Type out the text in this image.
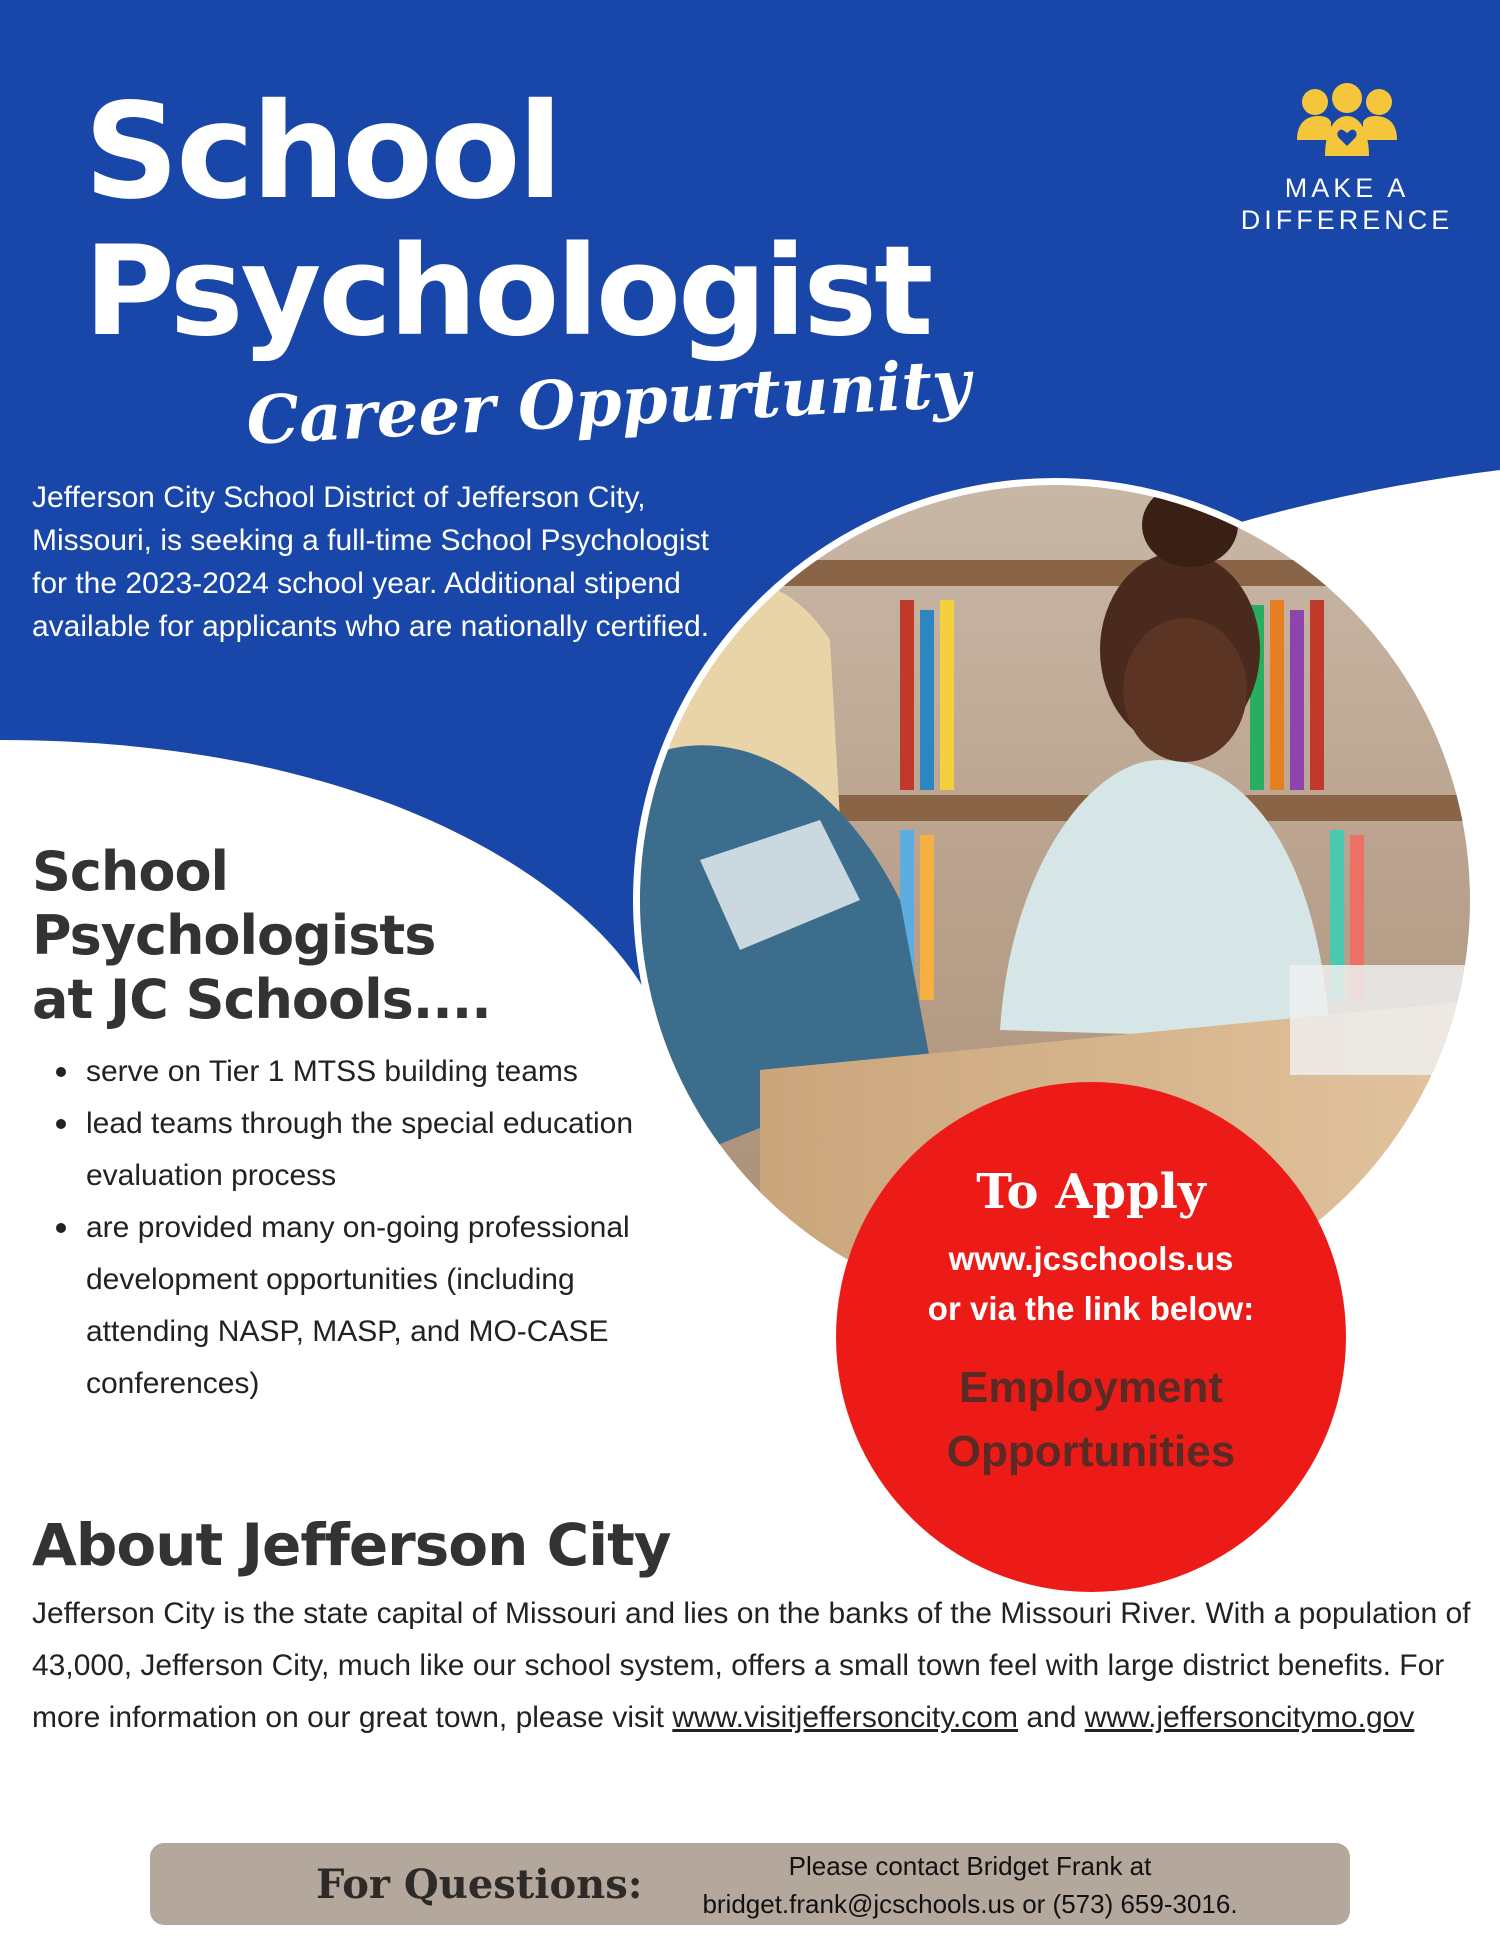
School
Psychologist
Career Oppurtunity
MAKE A
DIFFERENCE

Jefferson City School District of Jefferson City, Missouri, is seeking a full-time School Psychologist for the 2023-2024 school year. Additional stipend available for applicants who are nationally certified.

School
Psychologists
at JC Schools....
serve on Tier 1 MTSS building teams
lead teams through the special education evaluation process
are provided many on-going professional development opportunities (including attending NASP, MASP, and MO-CASE conferences)
To Apply
www.jcschools.us
or via the link below:
Employment
Opportunities
About Jefferson City

Jefferson City is the state capital of Missouri and lies on the banks of the Missouri River. With a population of 43,000, Jefferson City, much like our school system, offers a small town feel with large district benefits. For more information on our great town, please visit www.visitjeffersoncity.com and www.jeffersoncitymo.gov

For Questions:	Please contact Bridget Frank at
bridget.frank@jcschools.us or (573) 659-3016.
